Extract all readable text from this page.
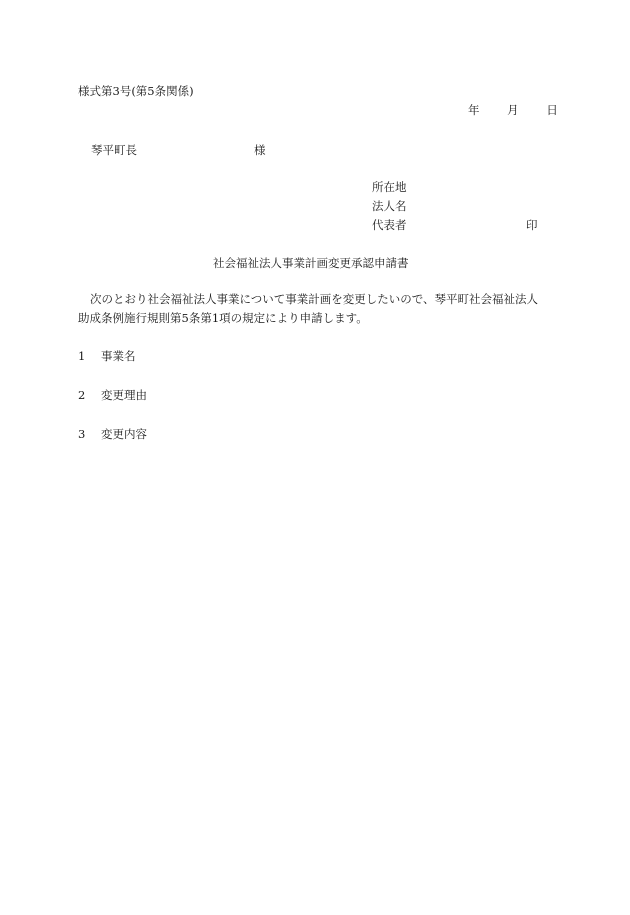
様式第3号(第5条関係)
年 月 日
琴平町長	様
所在地
法人名
代表者	印
社会福祉法人事業計画変更承認申請書
次のとおり社会福祉法人事業について事業計画を変更したいので、琴平町社会福祉法人
助成条例施行規則第5条第1項の規定により申請します。
1 事業名
2 変更理由
3 変更内容
